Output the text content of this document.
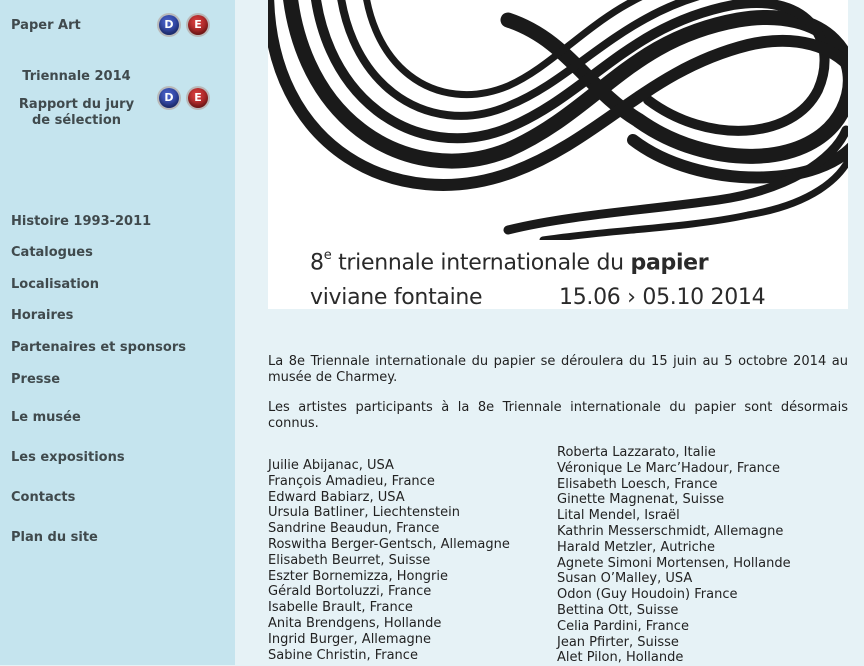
Paper Art	D	E
Triennale 2014
Rapport du jury
de sélection
D	E
Histoire 1993-2011
Catalogues
Localisation
Horaires
Partenaires et sponsors
Presse
Le musée
Les expositions
Contacts
Plan du site
8e triennale internationale du papier
viviane fontaine	15.06 › 05.10 2014
La 8e Triennale internationale du papier se déroulera du 15 juin au 5 octobre 2014 au musée de Charmey.
Les artistes participants à la 8e Triennale internationale du papier sont désormais connus.
Juilie Abijanac, USA
François Amadieu, France
Edward Babiarz, USA
Ursula Batliner, Liechtenstein
Sandrine Beaudun, France
Roswitha Berger-Gentsch, Allemagne
Elisabeth Beurret, Suisse
Eszter Bornemizza, Hongrie
Gérald Bortoluzzi, France
Isabelle Brault, France
Anita Brendgens, Hollande
Ingrid Burger, Allemagne
Sabine Christin, France
Roberta Lazzarato, Italie
Véronique Le Marc’Hadour, France
Elisabeth Loesch, France
Ginette Magnenat, Suisse
Lital Mendel, Israël
Kathrin Messerschmidt, Allemagne
Harald Metzler, Autriche
Agnete Simoni Mortensen, Hollande
Susan O’Malley, USA
Odon (Guy Houdoin) France
Bettina Ott, Suisse
Celia Pardini, France
Jean Pfirter, Suisse
Alet Pilon, Hollande
